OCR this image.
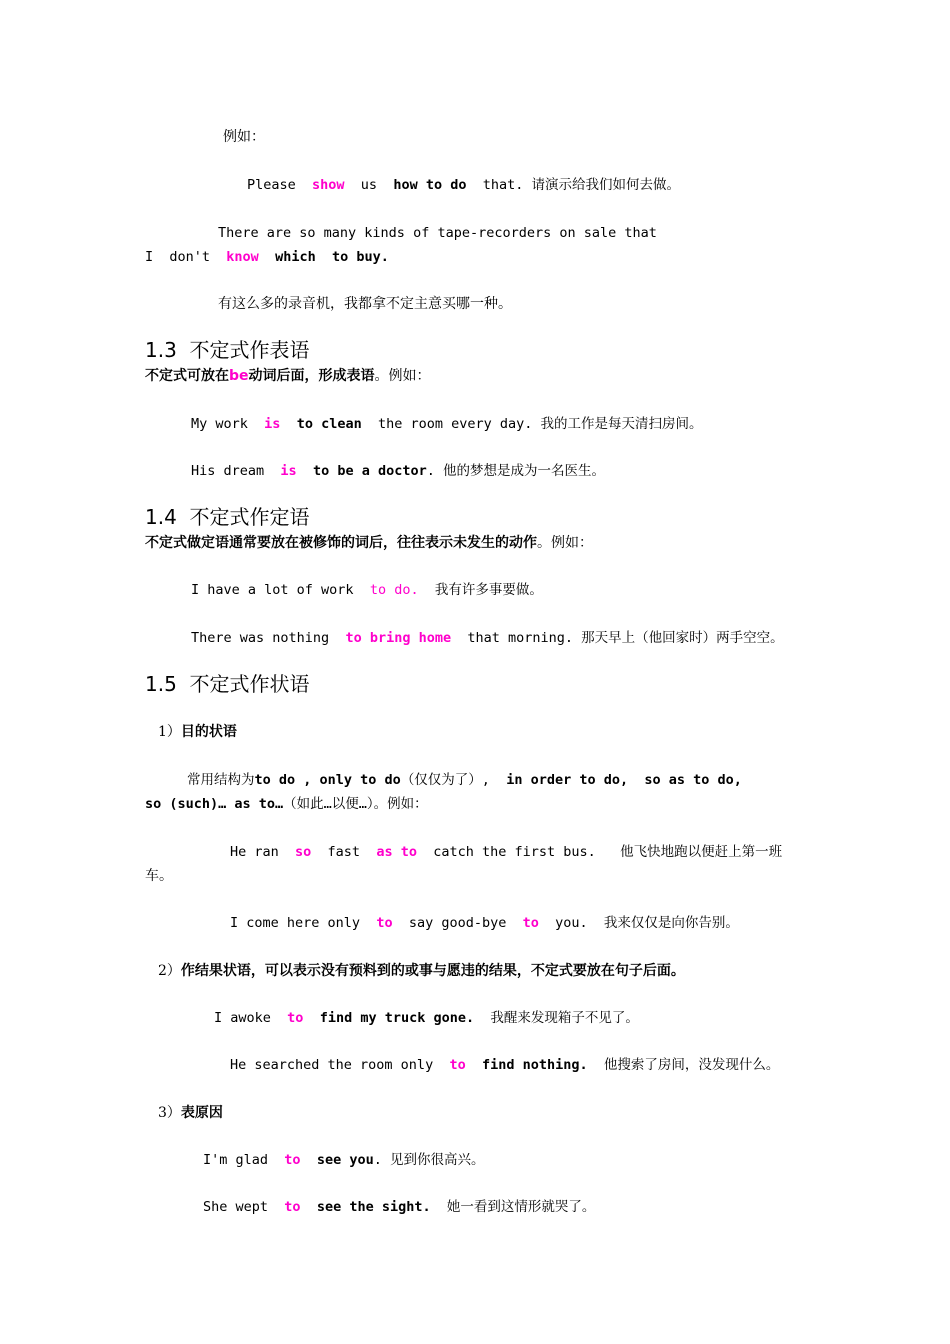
例如：
Please  show  us  how to do  that. 请演示给我们如何去做。
There are so many kinds of tape-recorders on sale that
I  don't  know which  to buy.
有这么多的录音机，我都拿不定主意买哪一种。
1.3  不定式作表语
不定式可放在be动词后面，形成表语。例如：
My work  is to clean  the room every day. 我的工作是每天清扫房间。
His dream  is to be a doctor. 他的梦想是成为一名医生。
1.4  不定式作定语
不定式做定语通常要放在被修饰的词后，往往表示未发生的动作。例如：
I have a lot of work  to do.  我有许多事要做。
There was nothing  to bring home  that morning. 那天早上（他回家时）两手空空。
1.5  不定式作状语
1）目的状语
常用结构为to do , only to do（仅仅为了）,  in order to do,  so as to do,
so (such)… as to…（如此…以便…）。例如：
He ran  so  fast  as to  catch the first bus.   他飞快地跑以便赶上第一班
车。
I come here only  to  say good-bye  to  you.  我来仅仅是向你告别。
2）作结果状语，可以表示没有预料到的或事与愿违的结果，不定式要放在句子后面。
I awoke  to find my truck gone.  我醒来发现箱子不见了。
He searched the room only  to find nothing.  他搜索了房间，没发现什么。
3）表原因
I'm glad  to see you. 见到你很高兴。
She wept  to see the sight.  她一看到这情形就哭了。
